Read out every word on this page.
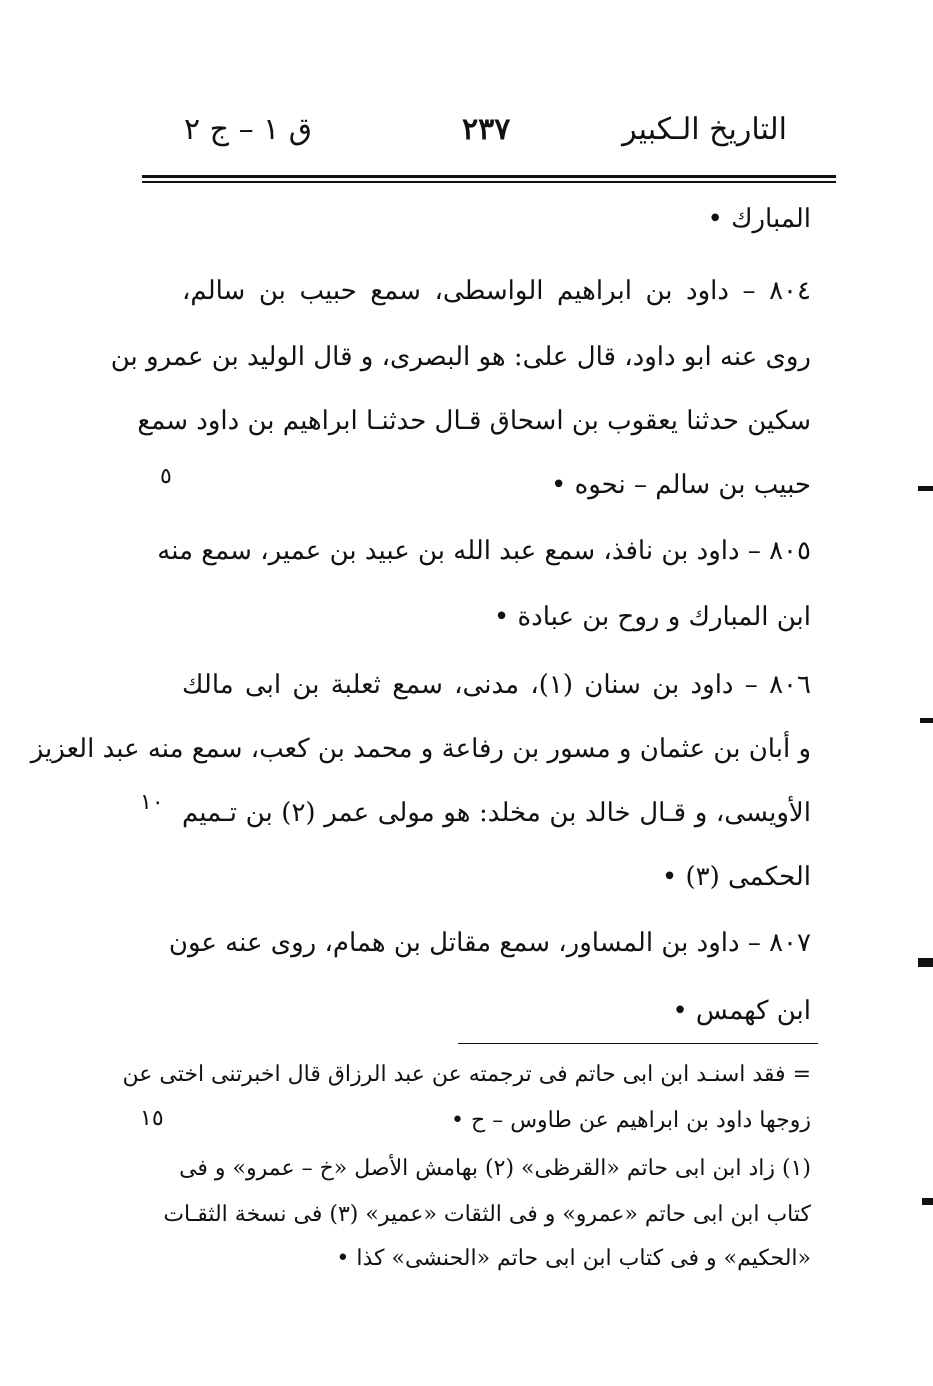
التاريخ الـكبير
٢٣٧
ق ١ – ج ٢
المبارك •
٨٠٤ – داود بن ابراهيم الواسطى، سمع حبيب بن سالم،
روى عنه ابو داود، قال على: هو البصرى، و قال الوليد بن عمرو بن
سكين حدثنا يعقوب بن اسحاق قـال حدثنـا ابراهيم بن داود سمع
حبيب بن سالم – نحوه •
٨٠٥ – داود بن نافذ، سمع عبد الله بن عبيد بن عمير، سمع منه
ابن المبارك و روح بن عبادة •
٨٠٦ – داود بن سنان (١)، مدنى، سمع ثعلبة بن ابى مالك
و أبان بن عثمان و مسور بن رفاعة و محمد بن كعب، سمع منه عبد العزيز
الأويسى، و قـال خالد بن مخلد: هو مولى عمر (٢) بن تـميم
الحكمى (٣) •
٨٠٧ – داود بن المساور، سمع مقاتل بن همام، روى عنه عون
ابن كهمس •
= فقد اسنـد ابن ابى حاتم فى ترجمته عن عبد الرزاق قال اخبرتنى اختى عن
زوجها داود بن ابراهيم عن طاوس – ح •
(١) زاد ابن ابى حاتم «القرظى» (٢) بهامش الأصل «خ – عمرو» و فى
كتاب ابن ابى حاتم «عمرو» و فى الثقات «عمير» (٣) فى نسخة الثقـات
«الحكيم» و فى كتاب ابن ابى حاتم «الحنشى» كذا •
٥
١٠
١٥
